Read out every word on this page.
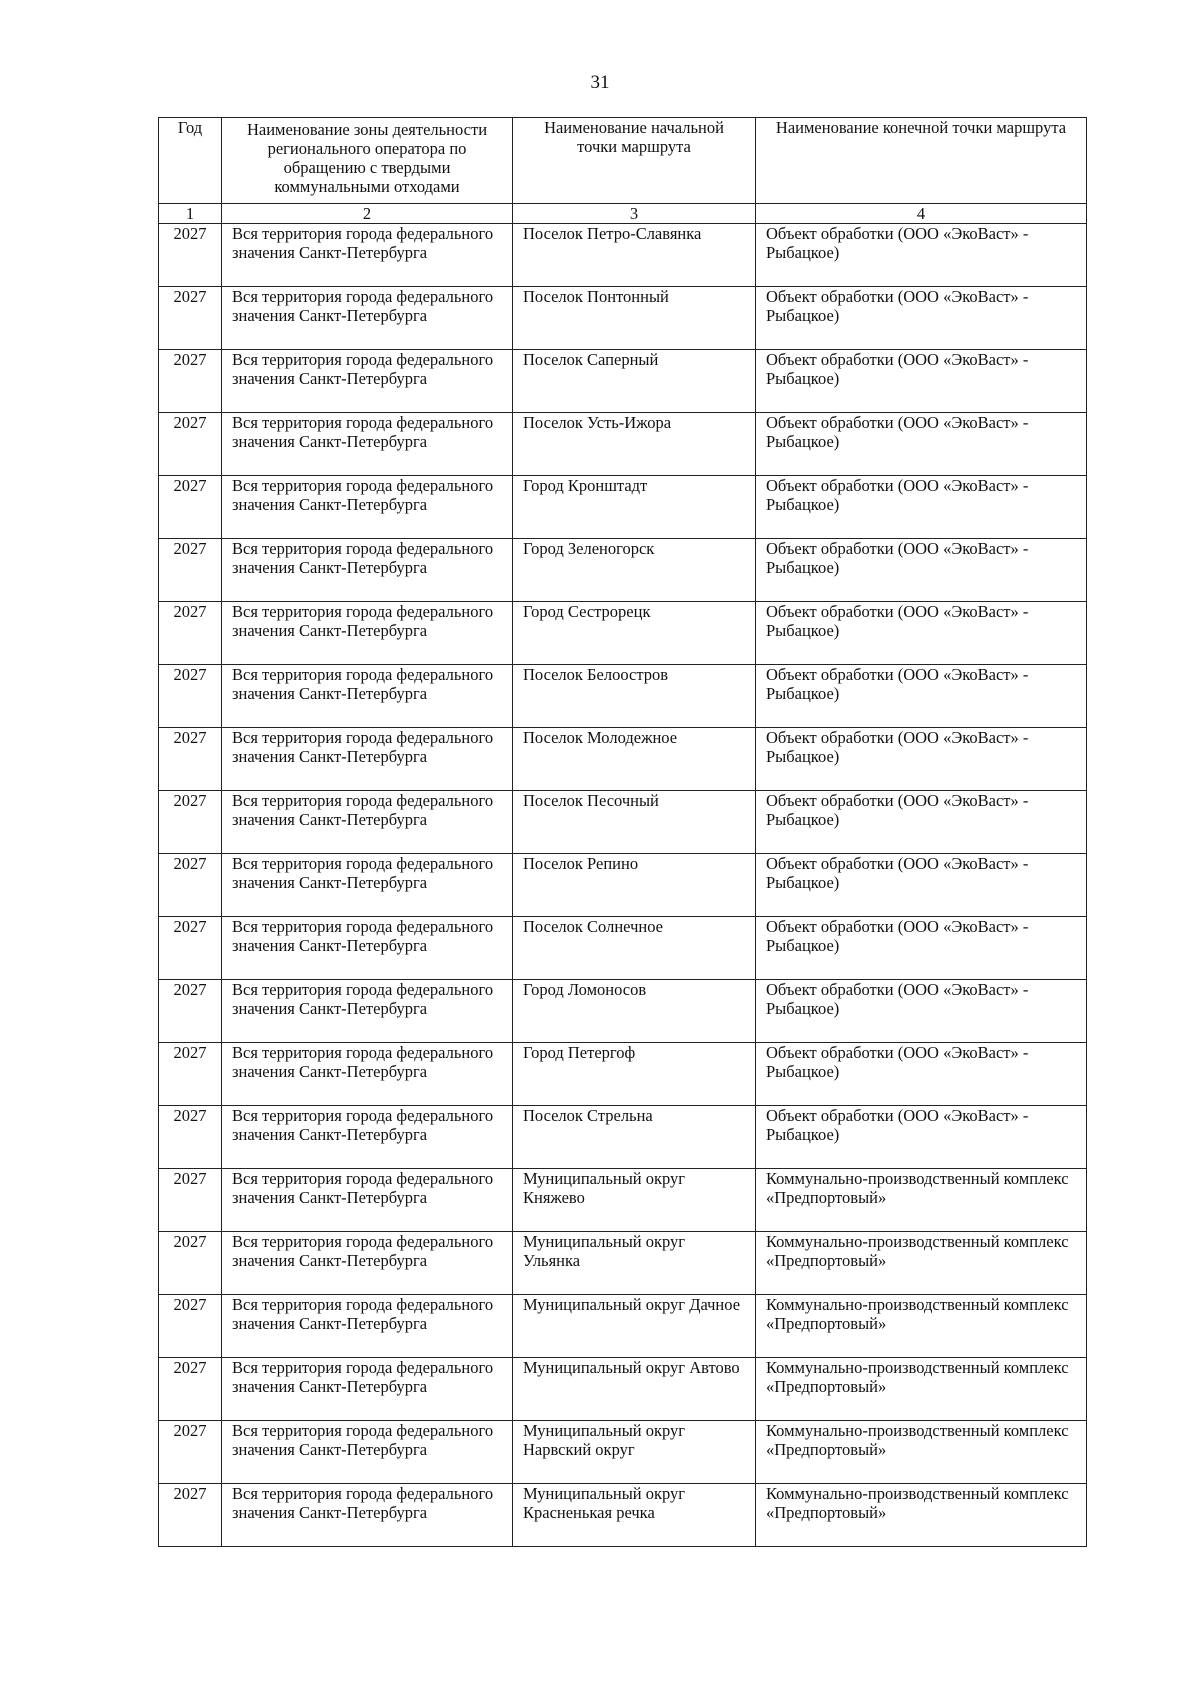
31
Год	Наименование зоны деятельности регионального оператора по обращению с твердыми коммунальными отходами	Наименование начальной точки маршрута	Наименование конечной точки маршрута
1	2	3	4
2027	Вся территория города федерального значения Санкт-Петербурга	Поселок Петро-Славянка	Объект обработки (ООО «ЭкоВаст» - Рыбацкое)
2027	Вся территория города федерального значения Санкт-Петербурга	Поселок Понтонный	Объект обработки (ООО «ЭкоВаст» - Рыбацкое)
2027	Вся территория города федерального значения Санкт-Петербурга	Поселок Саперный	Объект обработки (ООО «ЭкоВаст» - Рыбацкое)
2027	Вся территория города федерального значения Санкт-Петербурга	Поселок Усть-Ижора	Объект обработки (ООО «ЭкоВаст» - Рыбацкое)
2027	Вся территория города федерального значения Санкт-Петербурга	Город Кронштадт	Объект обработки (ООО «ЭкоВаст» - Рыбацкое)
2027	Вся территория города федерального значения Санкт-Петербурга	Город Зеленогорск	Объект обработки (ООО «ЭкоВаст» - Рыбацкое)
2027	Вся территория города федерального значения Санкт-Петербурга	Город Сестрорецк	Объект обработки (ООО «ЭкоВаст» - Рыбацкое)
2027	Вся территория города федерального значения Санкт-Петербурга	Поселок Белоостров	Объект обработки (ООО «ЭкоВаст» - Рыбацкое)
2027	Вся территория города федерального значения Санкт-Петербурга	Поселок Молодежное	Объект обработки (ООО «ЭкоВаст» - Рыбацкое)
2027	Вся территория города федерального значения Санкт-Петербурга	Поселок Песочный	Объект обработки (ООО «ЭкоВаст» - Рыбацкое)
2027	Вся территория города федерального значения Санкт-Петербурга	Поселок Репино	Объект обработки (ООО «ЭкоВаст» - Рыбацкое)
2027	Вся территория города федерального значения Санкт-Петербурга	Поселок Солнечное	Объект обработки (ООО «ЭкоВаст» - Рыбацкое)
2027	Вся территория города федерального значения Санкт-Петербурга	Город Ломоносов	Объект обработки (ООО «ЭкоВаст» - Рыбацкое)
2027	Вся территория города федерального значения Санкт-Петербурга	Город Петергоф	Объект обработки (ООО «ЭкоВаст» - Рыбацкое)
2027	Вся территория города федерального значения Санкт-Петербурга	Поселок Стрельна	Объект обработки (ООО «ЭкоВаст» - Рыбацкое)
2027	Вся территория города федерального значения Санкт-Петербурга	Муниципальный округ Княжево	Коммунально-производственный комплекс «Предпортовый»
2027	Вся территория города федерального значения Санкт-Петербурга	Муниципальный округ Ульянка	Коммунально-производственный комплекс «Предпортовый»
2027	Вся территория города федерального значения Санкт-Петербурга	Муниципальный округ Дачное	Коммунально-производственный комплекс «Предпортовый»
2027	Вся территория города федерального значения Санкт-Петербурга	Муниципальный округ Автово	Коммунально-производственный комплекс «Предпортовый»
2027	Вся территория города федерального значения Санкт-Петербурга	Муниципальный округ Нарвский округ	Коммунально-производственный комплекс «Предпортовый»
2027	Вся территория города федерального значения Санкт-Петербурга	Муниципальный округ Красненькая речка	Коммунально-производственный комплекс «Предпортовый»
